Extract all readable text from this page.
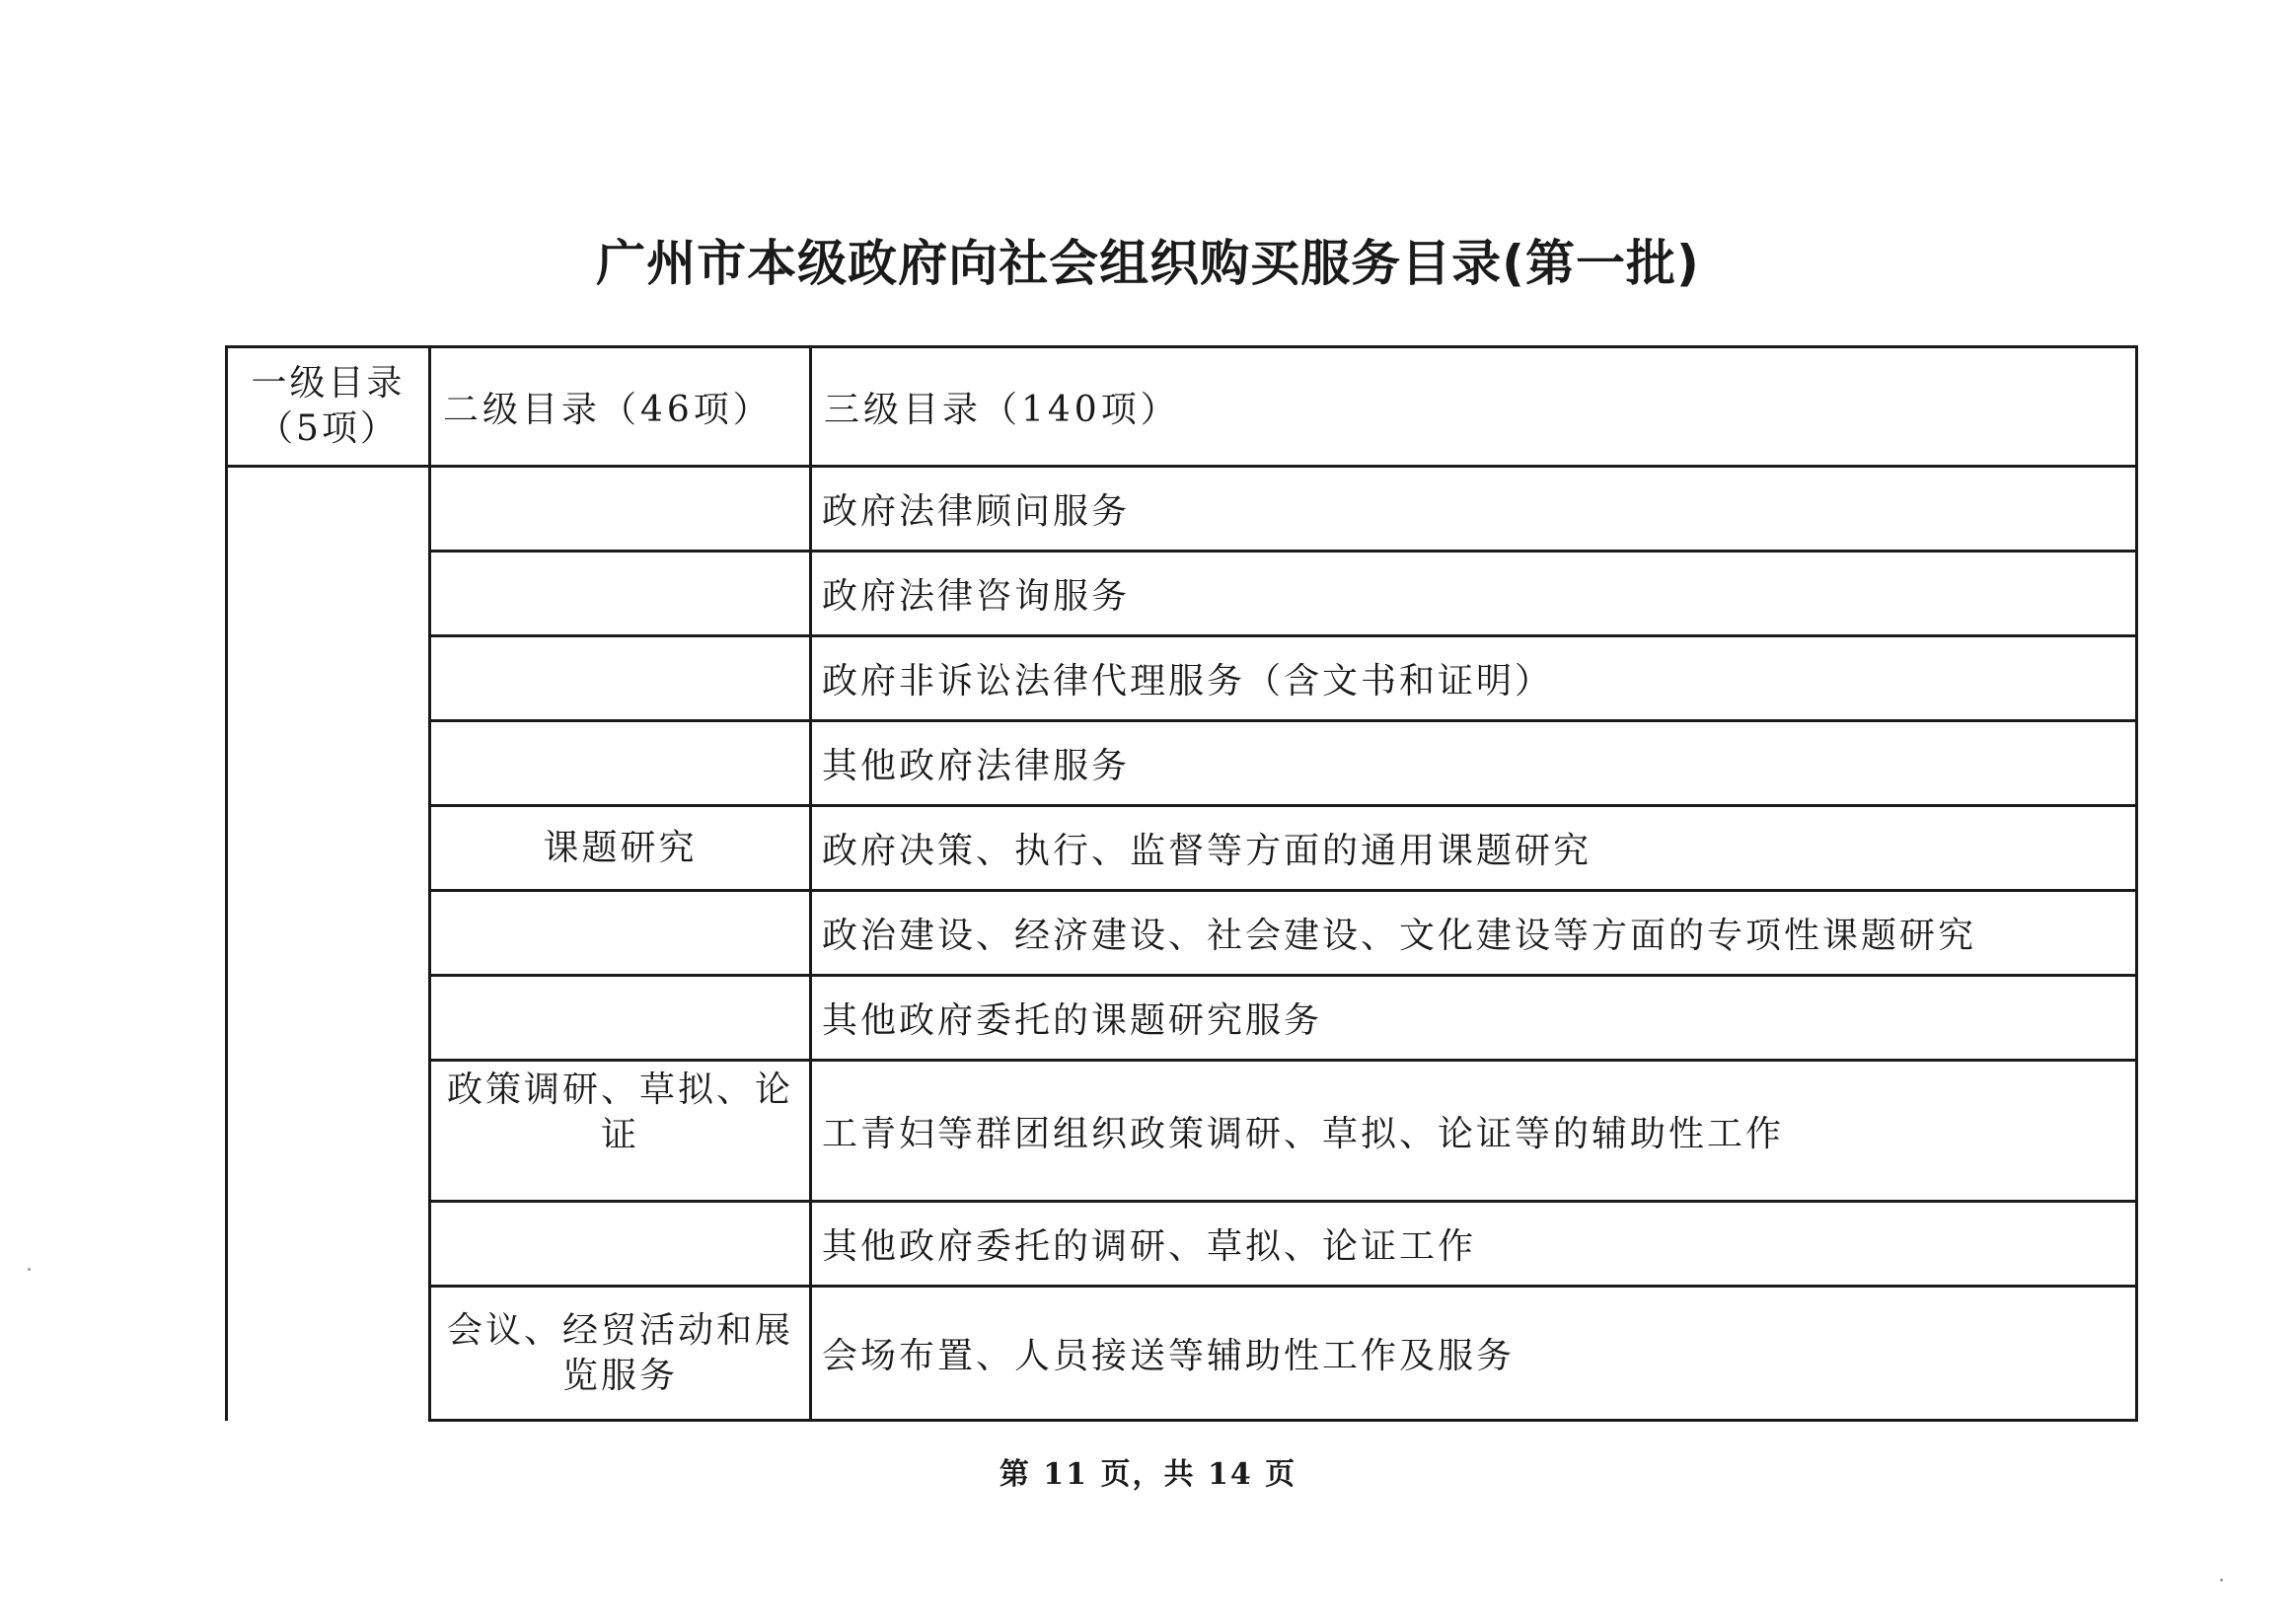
广州市本级政府向社会组织购买服务目录(第一批)
一级目录（5项）	二级目录（46项）	三级目录（140项）
		政府法律顾问服务
		政府法律咨询服务
		政府非诉讼法律代理服务（含文书和证明）
		其他政府法律服务
	课题研究	政府决策、执行、监督等方面的通用课题研究
		政治建设、经济建设、社会建设、文化建设等方面的专项性课题研究
		其他政府委托的课题研究服务
	政策调研、草拟、论证	工青妇等群团组织政策调研、草拟、论证等的辅助性工作
		其他政府委托的调研、草拟、论证工作
	会议、经贸活动和展览服务	会场布置、人员接送等辅助性工作及服务
第 11 页，共 14 页
